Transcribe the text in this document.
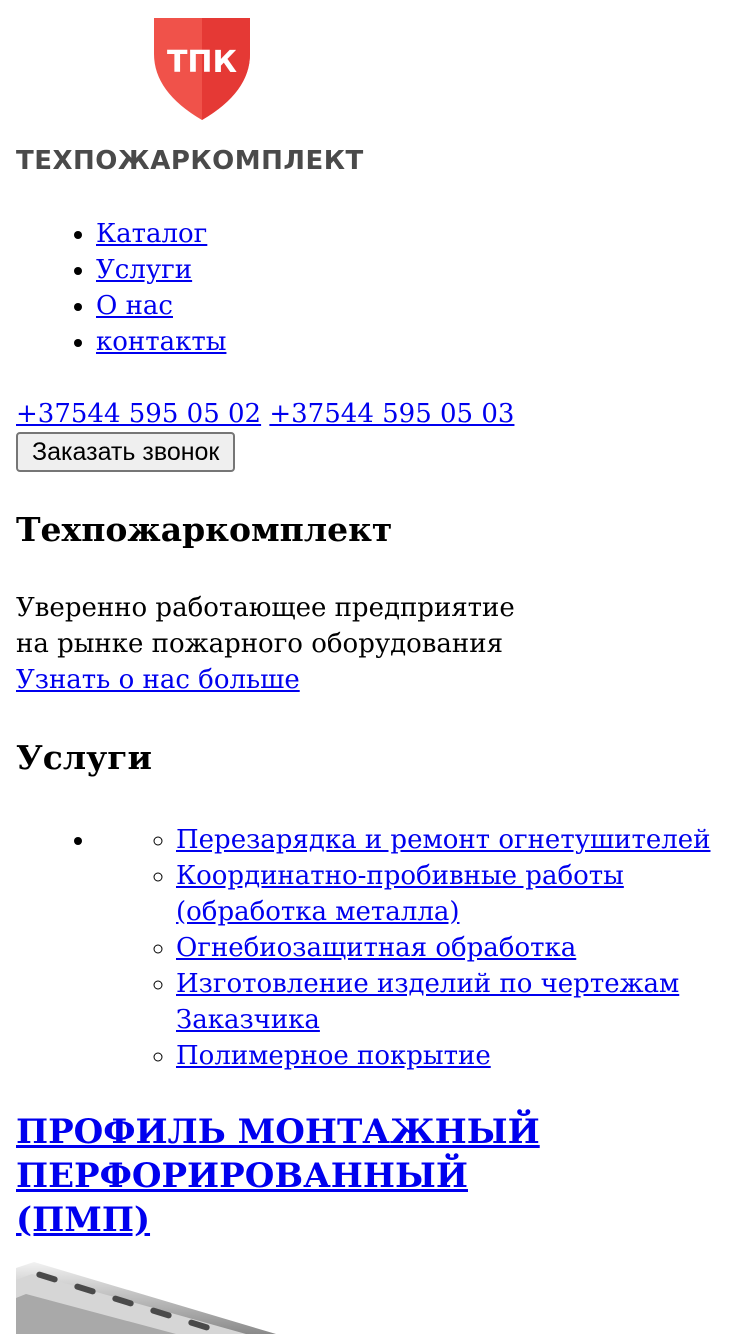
ТПК
ТЕХПОЖАРКОМПЛЕКТ
• Каталог
• Услуги
• О нас
• контакты
+37544 595 05 02 +37544 595 05 03
Заказать звонок
Техпожаркомплект
Уверенно работающее предприятие
на рынке пожарного оборудования
Узнать о нас больше
Услуги
◦ • Перезарядка и ремонт огнетушителей
◦ Координатно-пробивные работы (обработка металла)
◦ Огнебиозащитная обработка
◦ Изготовление изделий по чертежам Заказчика
◦ Полимерное покрытие
ПРОФИЛЬ МОНТАЖНЫЙ ПЕРФОРИРОВАННЫЙ (ПМП)
